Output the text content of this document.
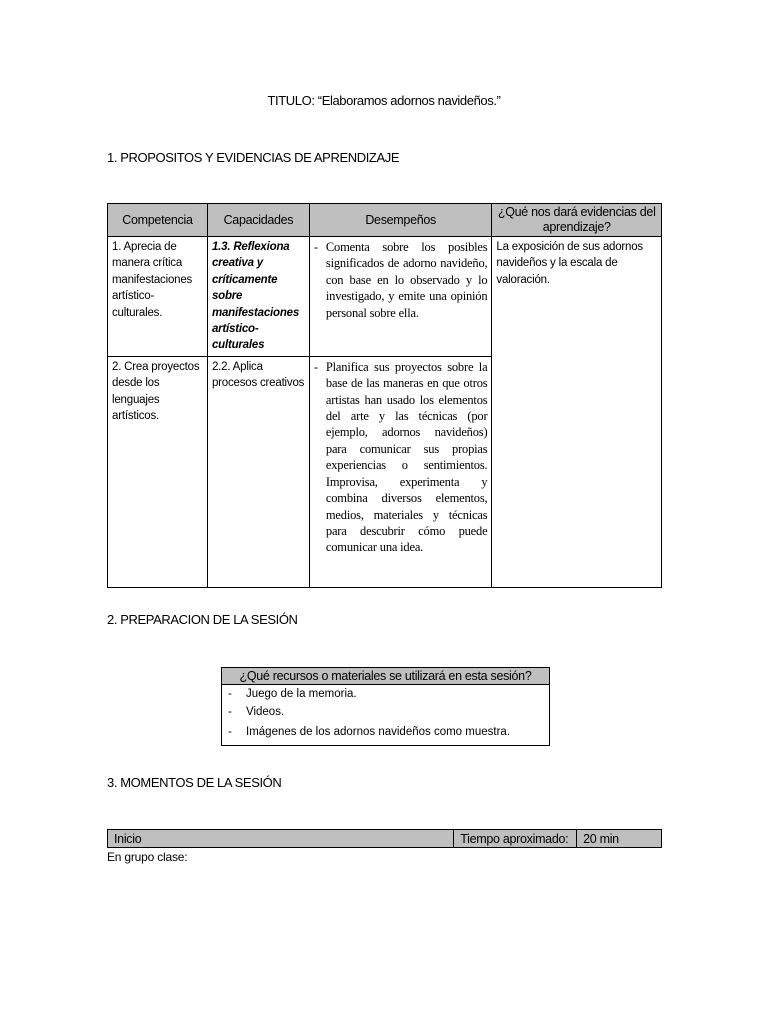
TITULO: “Elaboramos adornos navideños.”
1. PROPOSITOS Y EVIDENCIAS DE APRENDIZAJE
Competencia	Capacidades	Desempeños	¿Qué nos dará evidencias del aprendizaje?
1. Aprecia de manera crítica manifestaciones artístico-culturales.	1.3. Reflexiona creativa y críticamente sobre manifestaciones artístico-culturales	- Comenta sobre los posibles significados de adorno navideño, con base en lo observado y lo investigado, y emite una opinión personal sobre ella.	La exposición de sus adornos navideños y la escala de valoración.
2. Crea proyectos desde los lenguajes artísticos.	2.2. Aplica procesos creativos	- Planifica sus proyectos sobre la base de las maneras en que otros artistas han usado los elementos del arte y las técnicas (por ejemplo, adornos navideños) para comunicar sus propias experiencias o sentimientos. Improvisa, experimenta y combina diversos elementos, medios, materiales y técnicas para descubrir cómo puede comunicar una idea.	
2. PREPARACION DE LA SESIÓN
¿Qué recursos o materiales se utilizará en esta sesión?

-	Juego de la memoria.
-	Videos.
-	Imágenes de los adornos navideños como muestra.
3. MOMENTOS DE LA SESIÓN
Inicio	Tiempo aproximado:	20 min
En grupo clase:
